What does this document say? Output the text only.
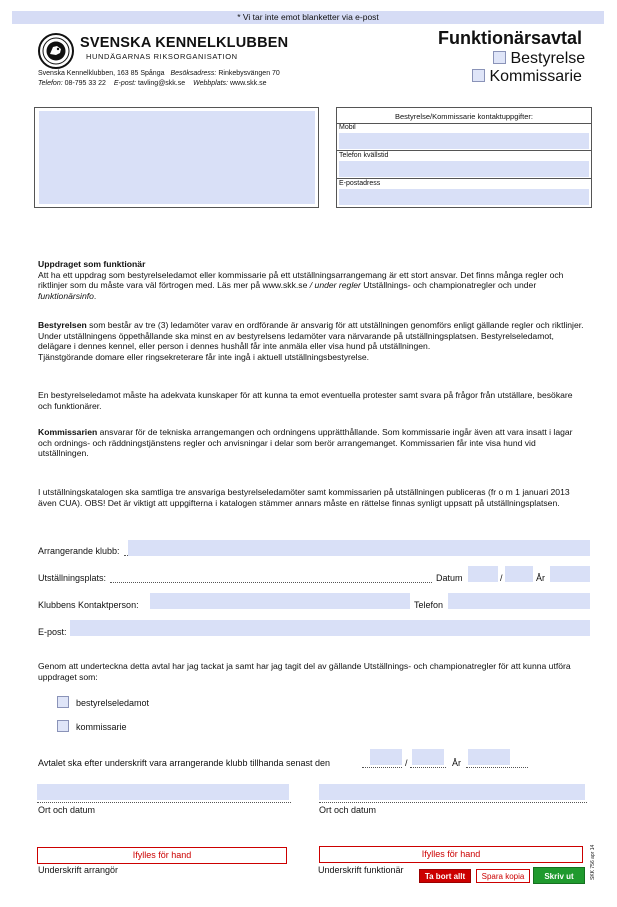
* Vi tar inte emot blanketter via e-post
SVENSKA KENNELKLUBBEN
HUNDÄGARNAS RIKSORGANISATION
Svenska Kennelklubben, 163 85 Spånga Besöksadress: Rinkebysvängen 70
Telefon: 08-795 33 22 E-post: tavling@skk.se Webbplats: www.skk.se
Funktionärsavtal
Bestyrelse
Kommissarie
Bestyrelse/Kommissarie kontaktuppgifter:
Mobil
Telefon kvällstid
E-postadress
Uppdraget som funktionär
Att ha ett uppdrag som bestyrelseledamot eller kommissarie på ett utställningsarrangemang är ett stort ansvar. Det finns många regler och riktlinjer som du måste vara väl förtrogen med. Läs mer på www.skk.se / under regler Utställnings- och championatregler och under funktionärsinfo.
Bestyrelsen som består av tre (3) ledamöter varav en ordförande är ansvarig för att utställningen genomförs enligt gällande regler och riktlinjer. Under utställningens öppethållande ska minst en av bestyrelsens ledamöter vara närvarande på utställningsplatsen. Bestyrelseledamot, delägare i dennes kennel, eller person i dennes hushåll får inte anmäla eller visa hund på utställningen.
Tjänstgörande domare eller ringsekreterare får inte ingå i aktuell utställningsbestyrelse.
En bestyrelseledamot måste ha adekvata kunskaper för att kunna ta emot eventuella protester samt svara på frågor från utställare, besökare och funktionärer.
Kommissarien ansvarar för de tekniska arrangemangen och ordningens upprätthållande. Som kommissarie ingår även att vara insatt i lagar och ordnings- och räddningstjänstens regler och anvisningar i delar som berör arrangemanget. Kommissarien får inte visa hund vid utställningen.
I utställningskatalogen ska samtliga tre ansvariga bestyrelseledamöter samt kommissarien på utställningen publiceras (fr o m 1 januari 2013 även CUA). OBS! Det är viktigt att uppgifterna i katalogen stämmer annars måste en rättelse finnas synligt uppsatt på utställningsplatsen.
Arrangerande klubb:
Utställningsplats:	Datum	/	År
Klubbens Kontaktperson:	Telefon
E-post:
Genom att underteckna detta avtal har jag tackat ja samt har jag tagit del av gällande Utställnings- och championatregler för att kunna utföra uppdraget som:
bestyrelseledamot
kommissarie
Avtalet ska efter underskrift vara arrangerande klubb tillhanda senast den	/	År
Ort och datum	Ort och datum
Ifylles för hand
Underskrift arrangör
Ifylles för hand
Underskrift funktionär
Ta bort allt	Spara kopia	Skriv ut	SKK 756 apr 14
